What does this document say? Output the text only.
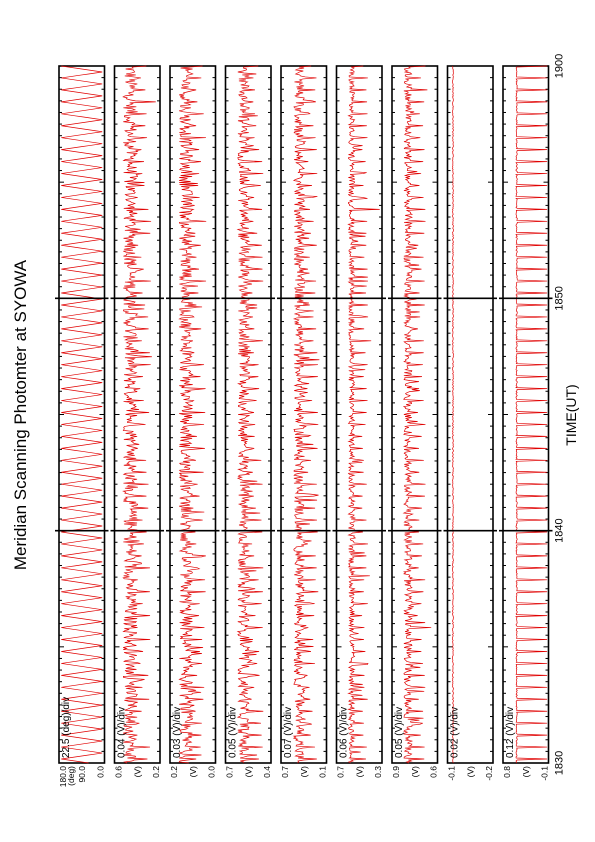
Meridian Scanning Photomter at SYOWA	TIME(UT)
22.5 (deg)/div
180.0 90.0 0.0
(deg)
0.04 (V)/div
0.6	0.2
(V)
0.03 (V)/div
0.2	0.0
(V)
0.05 (V)/div
0.7	0.4
(V)
0.07 (V)/div
0.7	0.1
(V)
0.06 (V)/div
0.7	0.3
(V)
0.05 (V)/div
0.9	0.6
(V)
0.02 (V)/div
-0.1	-0.2
(V)
0.12 (V)/div
0.8	-0.1
(V) 1830
1840
1850
1900
